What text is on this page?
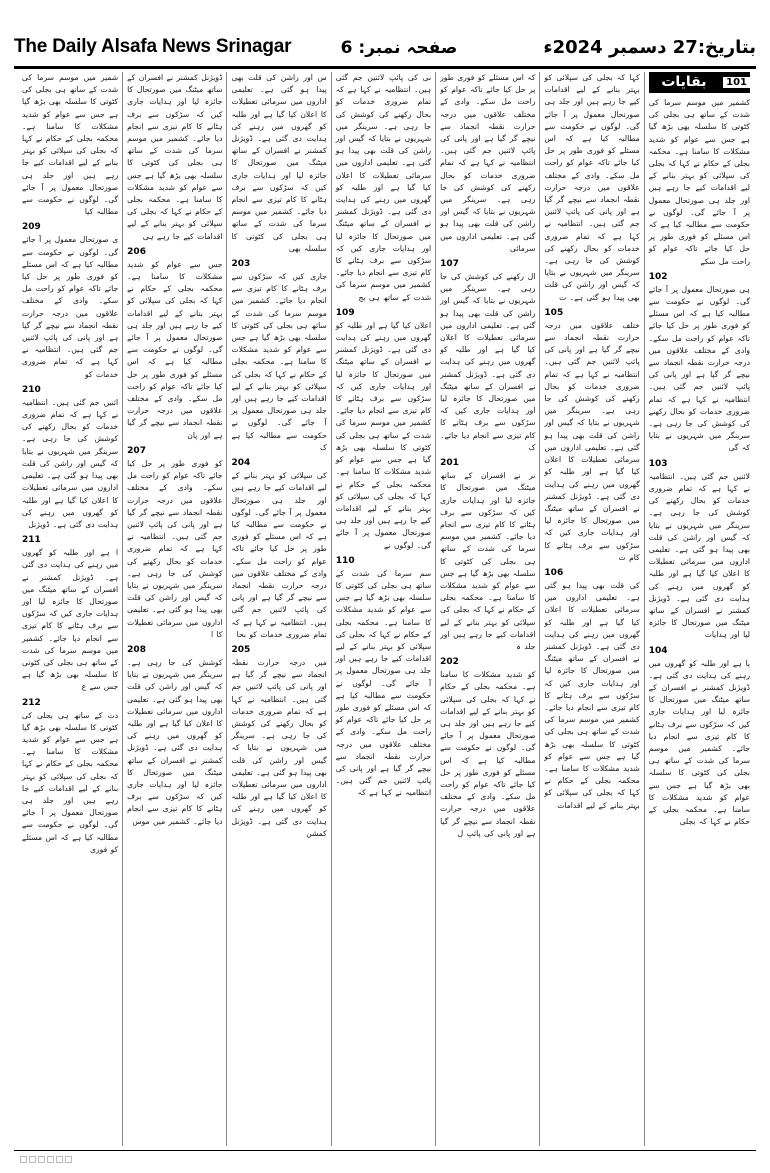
The Daily Alsafa News Srinagar	صفحہ نمبر: 6	بتاریخ:27 دسمبر 2024ء
101
بقایات
کشمیر میں موسم سرما کی شدت کے ساتھ ہی بجلی کی کٹوتی کا سلسلہ بھی بڑھ گیا ہے جس سے عوام کو شدید مشکلات کا سامنا ہے۔ محکمہ بجلی کے حکام نے کہا کہ بجلی کی سپلائی کو بہتر بنانے کے لیے اقدامات کیے جا رہے ہیں اور جلد ہی صورتحال معمول پر آ جائے گی۔ لوگوں نے حکومت سے مطالبہ کیا ہے کہ اس مسئلے کو فوری طور پر حل کیا جائے تاکہ عوام کو راحت مل سکے
102
ہی صورتحال معمول پر آ جائے گی۔ لوگوں نے حکومت سے مطالبہ کیا ہے کہ اس مسئلے کو فوری طور پر حل کیا جائے تاکہ عوام کو راحت مل سکے۔ وادی کے مختلف علاقوں میں درجہ حرارت نقطہ انجماد سے نیچے گر گیا ہے اور پانی کی پائپ لائنیں جم گئی ہیں۔ انتظامیہ نے کہا ہے کہ تمام ضروری خدمات کو بحال رکھنے کی کوشش کی جا رہی ہے۔ سرینگر میں شہریوں نے بتایا کہ گی
103
لائنیں جم گئی ہیں۔ انتظامیہ نے کہا ہے کہ تمام ضروری خدمات کو بحال رکھنے کی کوشش کی جا رہی ہے۔ سرینگر میں شہریوں نے بتایا کہ گیس اور راشن کی قلت بھی پیدا ہو گئی ہے۔ تعلیمی اداروں میں سرمائی تعطیلات کا اعلان کیا گیا ہے اور طلبہ کو گھروں میں رہنے کی ہدایت دی گئی ہے۔ ڈویژنل کمشنر نے افسران کے ساتھ میٹنگ میں صورتحال کا جائزہ لیا اور ہدایات
104
یا ہے اور طلبہ کو گھروں میں رہنے کی ہدایت دی گئی ہے۔ ڈویژنل کمشنر نے افسران کے ساتھ میٹنگ میں صورتحال کا جائزہ لیا اور ہدایات جاری کیں کہ سڑکوں سے برف ہٹانے کا کام تیزی سے انجام دیا جائے۔ کشمیر میں موسم سرما کی شدت کے ساتھ ہی بجلی کی کٹوتی کا سلسلہ بھی بڑھ گیا ہے جس سے عوام کو شدید مشکلات کا سامنا ہے۔ محکمہ بجلی کے حکام نے کہا کہ بجلی
کہا کہ بجلی کی سپلائی کو بہتر بنانے کے لیے اقدامات کیے جا رہے ہیں اور جلد ہی صورتحال معمول پر آ جائے گی۔ لوگوں نے حکومت سے مطالبہ کیا ہے کہ اس مسئلے کو فوری طور پر حل کیا جائے تاکہ عوام کو راحت مل سکے۔ وادی کے مختلف علاقوں میں درجہ حرارت نقطہ انجماد سے نیچے گر گیا ہے اور پانی کی پائپ لائنیں جم گئی ہیں۔ انتظامیہ نے کہا ہے کہ تمام ضروری خدمات کو بحال رکھنے کی کوشش کی جا رہی ہے۔ سرینگر میں شہریوں نے بتایا کہ گیس اور راشن کی قلت بھی پیدا ہو گئی ہے۔ ت
105
ختلف علاقوں میں درجہ حرارت نقطہ انجماد سے نیچے گر گیا ہے اور پانی کی پائپ لائنیں جم گئی ہیں۔ انتظامیہ نے کہا ہے کہ تمام ضروری خدمات کو بحال رکھنے کی کوشش کی جا رہی ہے۔ سرینگر میں شہریوں نے بتایا کہ گیس اور راشن کی قلت بھی پیدا ہو گئی ہے۔ تعلیمی اداروں میں سرمائی تعطیلات کا اعلان کیا گیا ہے اور طلبہ کو گھروں میں رہنے کی ہدایت دی گئی ہے۔ ڈویژنل کمشنر نے افسران کے ساتھ میٹنگ میں صورتحال کا جائزہ لیا اور ہدایات جاری کیں کہ سڑکوں سے برف ہٹانے کا کام ت
106
کی قلت بھی پیدا ہو گئی ہے۔ تعلیمی اداروں میں سرمائی تعطیلات کا اعلان کیا گیا ہے اور طلبہ کو گھروں میں رہنے کی ہدایت دی گئی ہے۔ ڈویژنل کمشنر نے افسران کے ساتھ میٹنگ میں صورتحال کا جائزہ لیا اور ہدایات جاری کیں کہ سڑکوں سے برف ہٹانے کا کام تیزی سے انجام دیا جائے۔ کشمیر میں موسم سرما کی شدت کے ساتھ ہی بجلی کی کٹوتی کا سلسلہ بھی بڑھ گیا ہے جس سے عوام کو شدید مشکلات کا سامنا ہے۔ محکمہ بجلی کے حکام نے کہا کہ بجلی کی سپلائی کو بہتر بنانے کے لیے اقدامات
کہ اس مسئلے کو فوری طور پر حل کیا جائے تاکہ عوام کو راحت مل سکے۔ وادی کے مختلف علاقوں میں درجہ حرارت نقطہ انجماد سے نیچے گر گیا ہے اور پانی کی پائپ لائنیں جم گئی ہیں۔ انتظامیہ نے کہا ہے کہ تمام ضروری خدمات کو بحال رکھنے کی کوشش کی جا رہی ہے۔ سرینگر میں شہریوں نے بتایا کہ گیس اور راشن کی قلت بھی پیدا ہو گئی ہے۔ تعلیمی اداروں میں سرمائی
107
ال رکھنے کی کوشش کی جا رہی ہے۔ سرینگر میں شہریوں نے بتایا کہ گیس اور راشن کی قلت بھی پیدا ہو گئی ہے۔ تعلیمی اداروں میں سرمائی تعطیلات کا اعلان کیا گیا ہے اور طلبہ کو گھروں میں رہنے کی ہدایت دی گئی ہے۔ ڈویژنل کمشنر نے افسران کے ساتھ میٹنگ میں صورتحال کا جائزہ لیا اور ہدایات جاری کیں کہ سڑکوں سے برف ہٹانے کا کام تیزی سے انجام دیا جائے۔ ک
201
نر نے افسران کے ساتھ میٹنگ میں صورتحال کا جائزہ لیا اور ہدایات جاری کیں کہ سڑکوں سے برف ہٹانے کا کام تیزی سے انجام دیا جائے۔ کشمیر میں موسم سرما کی شدت کے ساتھ ہی بجلی کی کٹوتی کا سلسلہ بھی بڑھ گیا ہے جس سے عوام کو شدید مشکلات کا سامنا ہے۔ محکمہ بجلی کے حکام نے کہا کہ بجلی کی سپلائی کو بہتر بنانے کے لیے اقدامات کیے جا رہے ہیں اور جلد ہ
202
کو شدید مشکلات کا سامنا ہے۔ محکمہ بجلی کے حکام نے کہا کہ بجلی کی سپلائی کو بہتر بنانے کے لیے اقدامات کیے جا رہے ہیں اور جلد ہی صورتحال معمول پر آ جائے گی۔ لوگوں نے حکومت سے مطالبہ کیا ہے کہ اس مسئلے کو فوری طور پر حل کیا جائے تاکہ عوام کو راحت مل سکے۔ وادی کے مختلف علاقوں میں درجہ حرارت نقطہ انجماد سے نیچے گر گیا ہے اور پانی کی پائپ ل
نی کی پائپ لائنیں جم گئی ہیں۔ انتظامیہ نے کہا ہے کہ تمام ضروری خدمات کو بحال رکھنے کی کوشش کی جا رہی ہے۔ سرینگر میں شہریوں نے بتایا کہ گیس اور راشن کی قلت بھی پیدا ہو گئی ہے۔ تعلیمی اداروں میں سرمائی تعطیلات کا اعلان کیا گیا ہے اور طلبہ کو گھروں میں رہنے کی ہدایت دی گئی ہے۔ ڈویژنل کمشنر نے افسران کے ساتھ میٹنگ میں صورتحال کا جائزہ لیا اور ہدایات جاری کیں کہ سڑکوں سے برف ہٹانے کا کام تیزی سے انجام دیا جائے۔ کشمیر میں موسم سرما کی شدت کے ساتھ ہی بج
109
اعلان کیا گیا ہے اور طلبہ کو گھروں میں رہنے کی ہدایت دی گئی ہے۔ ڈویژنل کمشنر نے افسران کے ساتھ میٹنگ میں صورتحال کا جائزہ لیا اور ہدایات جاری کیں کہ سڑکوں سے برف ہٹانے کا کام تیزی سے انجام دیا جائے۔ کشمیر میں موسم سرما کی شدت کے ساتھ ہی بجلی کی کٹوتی کا سلسلہ بھی بڑھ گیا ہے جس سے عوام کو شدید مشکلات کا سامنا ہے۔ محکمہ بجلی کے حکام نے کہا کہ بجلی کی سپلائی کو بہتر بنانے کے لیے اقدامات کیے جا رہے ہیں اور جلد ہی صورتحال معمول پر آ جائے گی۔ لوگوں نے
110
سم سرما کی شدت کے ساتھ ہی بجلی کی کٹوتی کا سلسلہ بھی بڑھ گیا ہے جس سے عوام کو شدید مشکلات کا سامنا ہے۔ محکمہ بجلی کے حکام نے کہا کہ بجلی کی سپلائی کو بہتر بنانے کے لیے اقدامات کیے جا رہے ہیں اور جلد ہی صورتحال معمول پر آ جائے گی۔ لوگوں نے حکومت سے مطالبہ کیا ہے کہ اس مسئلے کو فوری طور پر حل کیا جائے تاکہ عوام کو راحت مل سکے۔ وادی کے مختلف علاقوں میں درجہ حرارت نقطہ انجماد سے نیچے گر گیا ہے اور پانی کی پائپ لائنیں جم گئی ہیں۔ انتظامیہ نے کہا ہے کہ
س اور راشن کی قلت بھی پیدا ہو گئی ہے۔ تعلیمی اداروں میں سرمائی تعطیلات کا اعلان کیا گیا ہے اور طلبہ کو گھروں میں رہنے کی ہدایت دی گئی ہے۔ ڈویژنل کمشنر نے افسران کے ساتھ میٹنگ میں صورتحال کا جائزہ لیا اور ہدایات جاری کیں کہ سڑکوں سے برف ہٹانے کا کام تیزی سے انجام دیا جائے۔ کشمیر میں موسم سرما کی شدت کے ساتھ ہی بجلی کی کٹوتی کا سلسلہ بھی
203
جاری کیں کہ سڑکوں سے برف ہٹانے کا کام تیزی سے انجام دیا جائے۔ کشمیر میں موسم سرما کی شدت کے ساتھ ہی بجلی کی کٹوتی کا سلسلہ بھی بڑھ گیا ہے جس سے عوام کو شدید مشکلات کا سامنا ہے۔ محکمہ بجلی کے حکام نے کہا کہ بجلی کی سپلائی کو بہتر بنانے کے لیے اقدامات کیے جا رہے ہیں اور جلد ہی صورتحال معمول پر آ جائے گی۔ لوگوں نے حکومت سے مطالبہ کیا ہے ک
204
کی سپلائی کو بہتر بنانے کے لیے اقدامات کیے جا رہے ہیں اور جلد ہی صورتحال معمول پر آ جائے گی۔ لوگوں نے حکومت سے مطالبہ کیا ہے کہ اس مسئلے کو فوری طور پر حل کیا جائے تاکہ عوام کو راحت مل سکے۔ وادی کے مختلف علاقوں میں درجہ حرارت نقطہ انجماد سے نیچے گر گیا ہے اور پانی کی پائپ لائنیں جم گئی ہیں۔ انتظامیہ نے کہا ہے کہ تمام ضروری خدمات کو بحا
205
میں درجہ حرارت نقطہ انجماد سے نیچے گر گیا ہے اور پانی کی پائپ لائنیں جم گئی ہیں۔ انتظامیہ نے کہا ہے کہ تمام ضروری خدمات کو بحال رکھنے کی کوشش کی جا رہی ہے۔ سرینگر میں شہریوں نے بتایا کہ گیس اور راشن کی قلت بھی پیدا ہو گئی ہے۔ تعلیمی اداروں میں سرمائی تعطیلات کا اعلان کیا گیا ہے اور طلبہ کو گھروں میں رہنے کی ہدایت دی گئی ہے۔ ڈویژنل کمشن
ڈویژنل کمشنر نے افسران کے ساتھ میٹنگ میں صورتحال کا جائزہ لیا اور ہدایات جاری کیں کہ سڑکوں سے برف ہٹانے کا کام تیزی سے انجام دیا جائے۔ کشمیر میں موسم سرما کی شدت کے ساتھ ہی بجلی کی کٹوتی کا سلسلہ بھی بڑھ گیا ہے جس سے عوام کو شدید مشکلات کا سامنا ہے۔ محکمہ بجلی کے حکام نے کہا کہ بجلی کی سپلائی کو بہتر بنانے کے لیے اقدامات کیے جا رہے ہی
206
جس سے عوام کو شدید مشکلات کا سامنا ہے۔ محکمہ بجلی کے حکام نے کہا کہ بجلی کی سپلائی کو بہتر بنانے کے لیے اقدامات کیے جا رہے ہیں اور جلد ہی صورتحال معمول پر آ جائے گی۔ لوگوں نے حکومت سے مطالبہ کیا ہے کہ اس مسئلے کو فوری طور پر حل کیا جائے تاکہ عوام کو راحت مل سکے۔ وادی کے مختلف علاقوں میں درجہ حرارت نقطہ انجماد سے نیچے گر گیا ہے اور پان
207
کو فوری طور پر حل کیا جائے تاکہ عوام کو راحت مل سکے۔ وادی کے مختلف علاقوں میں درجہ حرارت نقطہ انجماد سے نیچے گر گیا ہے اور پانی کی پائپ لائنیں جم گئی ہیں۔ انتظامیہ نے کہا ہے کہ تمام ضروری خدمات کو بحال رکھنے کی کوشش کی جا رہی ہے۔ سرینگر میں شہریوں نے بتایا کہ گیس اور راشن کی قلت بھی پیدا ہو گئی ہے۔ تعلیمی اداروں میں سرمائی تعطیلات کا ا
208
کوشش کی جا رہی ہے۔ سرینگر میں شہریوں نے بتایا کہ گیس اور راشن کی قلت بھی پیدا ہو گئی ہے۔ تعلیمی اداروں میں سرمائی تعطیلات کا اعلان کیا گیا ہے اور طلبہ کو گھروں میں رہنے کی ہدایت دی گئی ہے۔ ڈویژنل کمشنر نے افسران کے ساتھ میٹنگ میں صورتحال کا جائزہ لیا اور ہدایات جاری کیں کہ سڑکوں سے برف ہٹانے کا کام تیزی سے انجام دیا جائے۔ کشمیر میں موس
شمیر میں موسم سرما کی شدت کے ساتھ ہی بجلی کی کٹوتی کا سلسلہ بھی بڑھ گیا ہے جس سے عوام کو شدید مشکلات کا سامنا ہے۔ محکمہ بجلی کے حکام نے کہا کہ بجلی کی سپلائی کو بہتر بنانے کے لیے اقدامات کیے جا رہے ہیں اور جلد ہی صورتحال معمول پر آ جائے گی۔ لوگوں نے حکومت سے مطالبہ کیا
209
ی صورتحال معمول پر آ جائے گی۔ لوگوں نے حکومت سے مطالبہ کیا ہے کہ اس مسئلے کو فوری طور پر حل کیا جائے تاکہ عوام کو راحت مل سکے۔ وادی کے مختلف علاقوں میں درجہ حرارت نقطہ انجماد سے نیچے گر گیا ہے اور پانی کی پائپ لائنیں جم گئی ہیں۔ انتظامیہ نے کہا ہے کہ تمام ضروری خدمات کو
210
ائنیں جم گئی ہیں۔ انتظامیہ نے کہا ہے کہ تمام ضروری خدمات کو بحال رکھنے کی کوشش کی جا رہی ہے۔ سرینگر میں شہریوں نے بتایا کہ گیس اور راشن کی قلت بھی پیدا ہو گئی ہے۔ تعلیمی اداروں میں سرمائی تعطیلات کا اعلان کیا گیا ہے اور طلبہ کو گھروں میں رہنے کی ہدایت دی گئی ہے۔ ڈویژنل
211
ا ہے اور طلبہ کو گھروں میں رہنے کی ہدایت دی گئی ہے۔ ڈویژنل کمشنر نے افسران کے ساتھ میٹنگ میں صورتحال کا جائزہ لیا اور ہدایات جاری کیں کہ سڑکوں سے برف ہٹانے کا کام تیزی سے انجام دیا جائے۔ کشمیر میں موسم سرما کی شدت کے ساتھ ہی بجلی کی کٹوتی کا سلسلہ بھی بڑھ گیا ہے جس سے ع
212
دت کے ساتھ ہی بجلی کی کٹوتی کا سلسلہ بھی بڑھ گیا ہے جس سے عوام کو شدید مشکلات کا سامنا ہے۔ محکمہ بجلی کے حکام نے کہا کہ بجلی کی سپلائی کو بہتر بنانے کے لیے اقدامات کیے جا رہے ہیں اور جلد ہی صورتحال معمول پر آ جائے گی۔ لوگوں نے حکومت سے مطالبہ کیا ہے کہ اس مسئلے کو فوری
